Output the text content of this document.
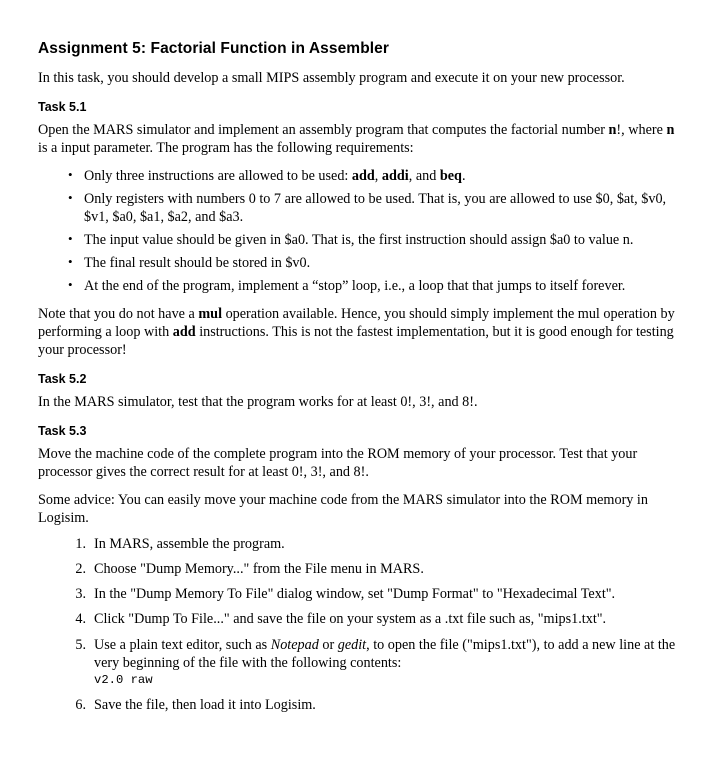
Assignment 5: Factorial Function in Assembler

In this task, you should develop a small MIPS assembly program and execute it on your new processor.

Task 5.1

Open the MARS simulator and implement an assembly program that computes the factorial number n!, where n is a input parameter. The program has the following requirements:

• Only three instructions are allowed to be used: add, addi, and beq.
• Only registers with numbers 0 to 7 are allowed to be used. That is, you are allowed to use $0, $at, $v0, $v1, $a0, $a1, $a2, and $a3.
• The input value should be given in $a0. That is, the first instruction should assign $a0 to value n.
• The final result should be stored in $v0.
• At the end of the program, implement a “stop” loop, i.e., a loop that that jumps to itself forever.

Note that you do not have a mul operation available. Hence, you should simply implement the mul operation by performing a loop with add instructions. This is not the fastest implementation, but it is good enough for testing your processor!

Task 5.2

In the MARS simulator, test that the program works for at least 0!, 3!, and 8!.

Task 5.3

Move the machine code of the complete program into the ROM memory of your processor. Test that your processor gives the correct result for at least 0!, 3!, and 8!.

Some advice: You can easily move your machine code from the MARS simulator into the ROM memory in Logisim.

In MARS, assemble the program.
Choose "Dump Memory..." from the File menu in MARS.
In the "Dump Memory To File" dialog window, set "Dump Format" to "Hexadecimal Text".
Click "Dump To File..." and save the file on your system as a .txt file such as, "mips1.txt".
Use a plain text editor, such as Notepad or gedit, to open the file ("mips1.txt"), to add a new line at the very beginning of the file with the following contents:
v2.0 raw
Save the file, then load it into Logisim.
